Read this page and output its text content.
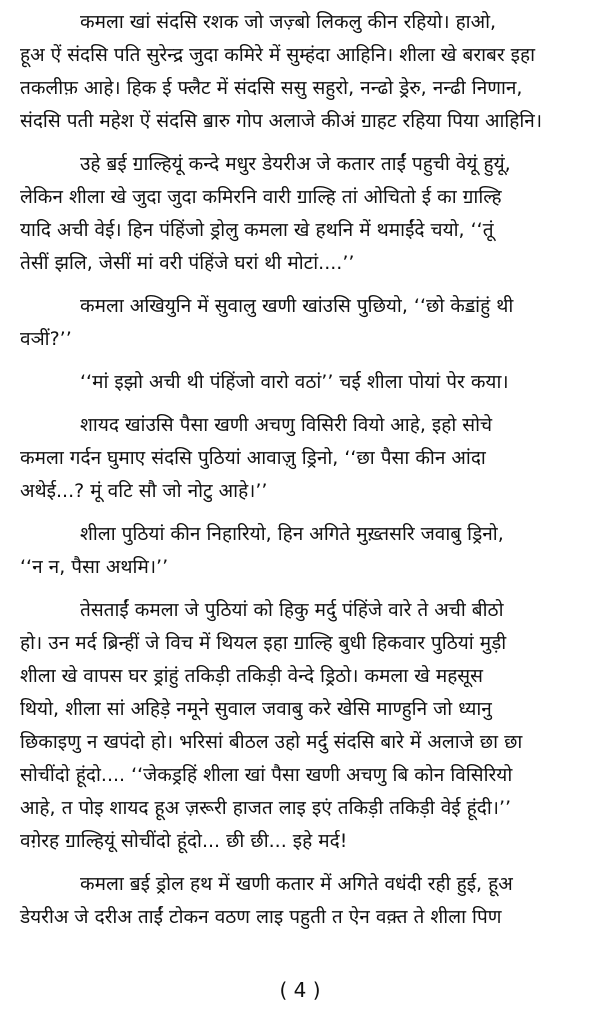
कमला खां संदसि रशक जो जज़्बो लिकलु कीन रहियो। हाओ,
हूअ ऐं संदसि पति सुरेन्द्र जुदा कमिरे में सुम्हंदा आहिनि। शीला खे बराबर इहा
तकलीफ़ आहे। हिक ई फ्लैट में संदसि ससु सहुरो, नन्ढो ड्रेरु, नन्ढी निणान,
संदसि पती महेश ऐं संदसि ॿारु गोप अलाजे कीअं ॻाहट रहिया पिया आहिनि।

उहे ॿई ॻाल्हियूं कन्दे मधुर डेयरीअ जे कतार ताईं पहुची वेयूं हुयूं,
लेकिन शीला खे जुदा जुदा कमिरनि वारी ॻाल्हि तां ओचितो ई का ॻाल्हि
यादि अची वेई। हिन पंहिंजो ड्रोलु कमला खे हथनि में थमाईंदे चयो, ‘‘तूं
तेसीं झलि, जेसीं मां वरी पंहिंजे घरां थी मोटां....’’

कमला अखियुनि में सुवालु खणी खांउसि पुछियो, ‘‘छो केॾांहुं थी
वञीं?’’

‘‘मां इझो अची थी पंहिंजो वारो वठां’’ चई शीला पोयां पेर कया।

शायद खांउसि पैसा खणी अचणु विसिरी वियो आहे, इहो सोचे
कमला गर्दन घुमाए संदसि पुठियां आवाज़ु ड्रिनो, ‘‘छा पैसा कीन आंदा
अथेई...? मूं वटि सौ जो नोटु आहे।’’

शीला पुठियां कीन निहारियो, हिन अगिते मुख़्तसरि जवाबु ड्रिनो,
‘‘न न, पैसा अथमि।’’

तेसताईं कमला जे पुठियां को हिकु मर्दु पंहिंजे वारे ते अची बीठो
हो। उन मर्द ब्रिन्हीं जे विच में थियल इहा ॻाल्हि बुधी हिकवार पुठियां मुड़ी
शीला खे वापस घर ड्रांहुं तकिड़ी तकिड़ी वेन्दे ड्रिठो। कमला खे महसूस
थियो, शीला सां अहिड़े नमूने सुवाल जवाबु करे खेसि माण्हुनि जो ध्यानु
छिकाइणु न खपंदो हो। भरिसां बीठल उहो मर्दु संदसि बारे में अलाजे छा छा
सोचींदो हूंदो.... ‘‘जेकड्रहिं शीला खां पैसा खणी अचणु बि कोन विसिरियो
आहे, त पोइ शायद हूअ ज़रूरी हाजत लाइ इएं तकिड़ी तकिड़ी वेई हूंदी।’’
वग़ेरह ॻाल्हियूं सोचींदो हूंदो... छी छी... इहे मर्द!

कमला ॿई ड्रोल हथ में खणी कतार में अगिते वधंदी रही हुई, हूअ
डेयरीअ जे दरीअ ताईं टोकन वठण लाइ पहुती त ऐन वक़्त ते शीला पिण

( 4 )
